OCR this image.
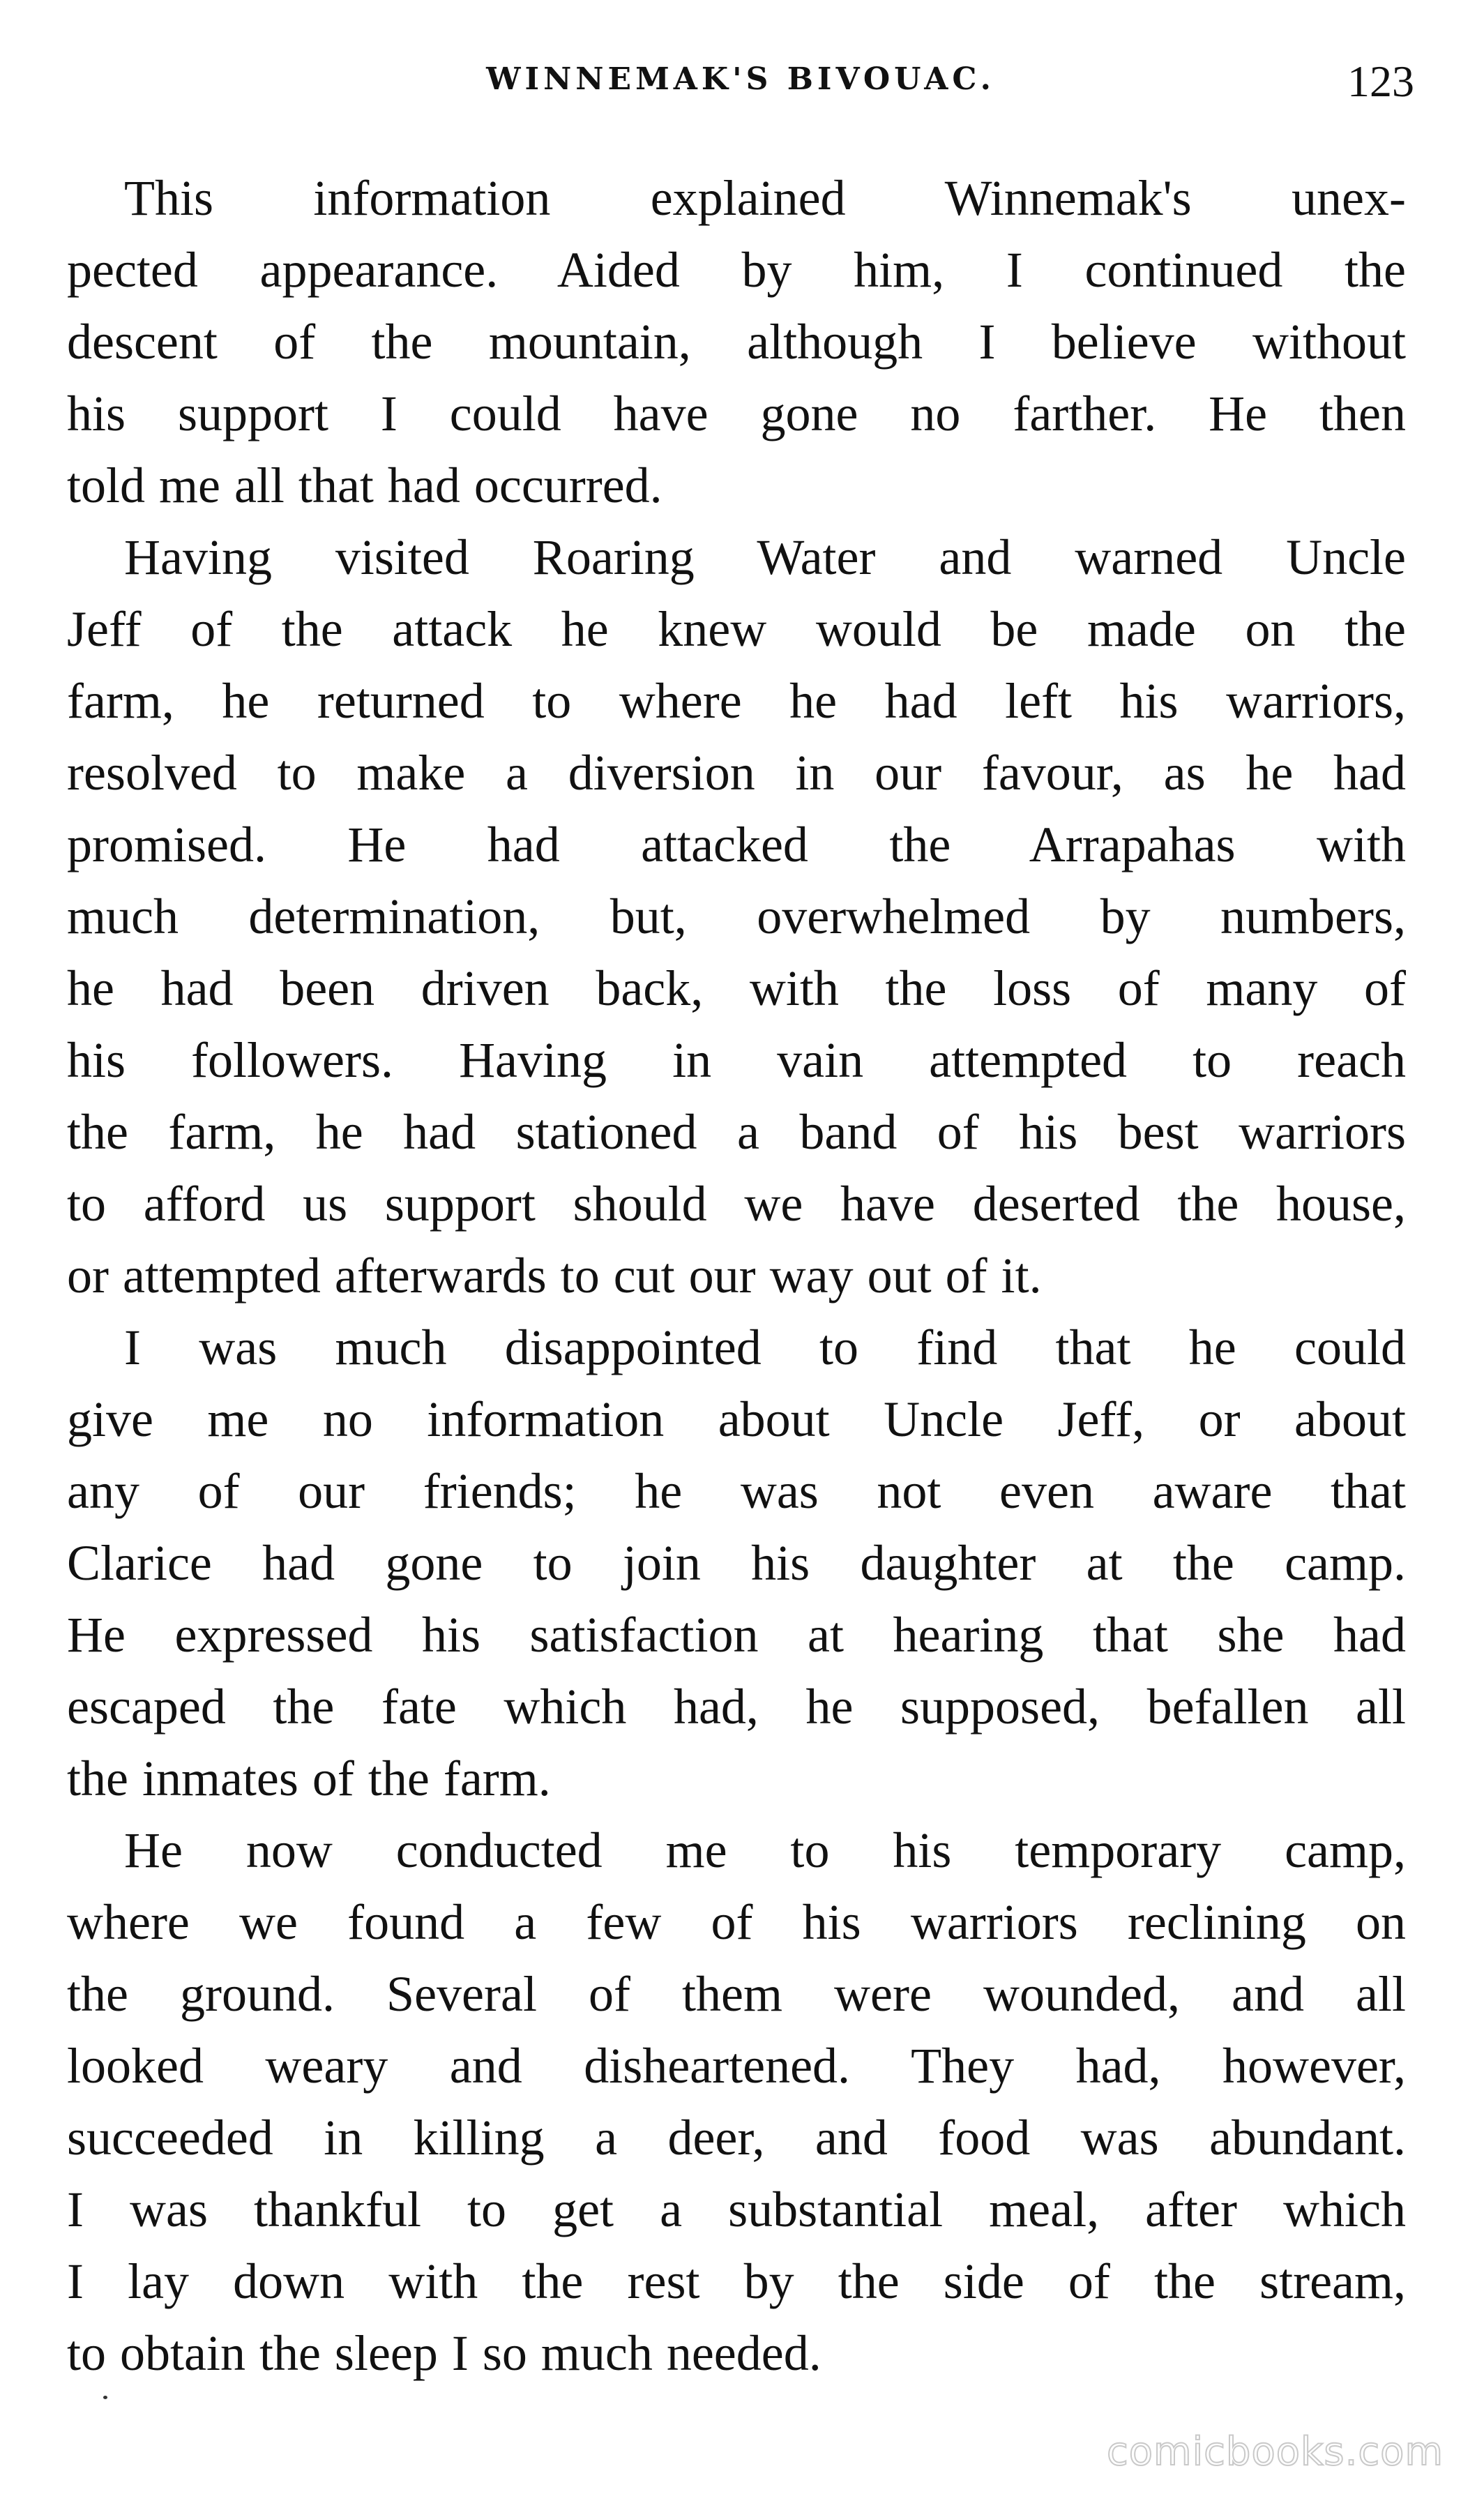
WINNEMAK'S BIVOUAC.	123

This information explained Winnemak's unex-
pected appearance. Aided by him, I continued the
descent of the mountain, although I believe without
his support I could have gone no farther. He then
told me all that had occurred.

Having visited Roaring Water and warned Uncle
Jeff of the attack he knew would be made on the
farm, he returned to where he had left his warriors,
resolved to make a diversion in our favour, as he had
promised. He had attacked the Arrapahas with
much determination, but, overwhelmed by numbers,
he had been driven back, with the loss of many of
his followers. Having in vain attempted to reach
the farm, he had stationed a band of his best warriors
to afford us support should we have deserted the house,
or attempted afterwards to cut our way out of it.

I was much disappointed to find that he could
give me no information about Uncle Jeff, or about
any of our friends; he was not even aware that
Clarice had gone to join his daughter at the camp.
He expressed his satisfaction at hearing that she had
escaped the fate which had, he supposed, befallen all
the inmates of the farm.

He now conducted me to his temporary camp,
where we found a few of his warriors reclining on
the ground. Several of them were wounded, and all
looked weary and disheartened. They had, however,
succeeded in killing a deer, and food was abundant.
I was thankful to get a substantial meal, after which
I lay down with the rest by the side of the stream,
to obtain the sleep I so much needed.

comicbooks.com
